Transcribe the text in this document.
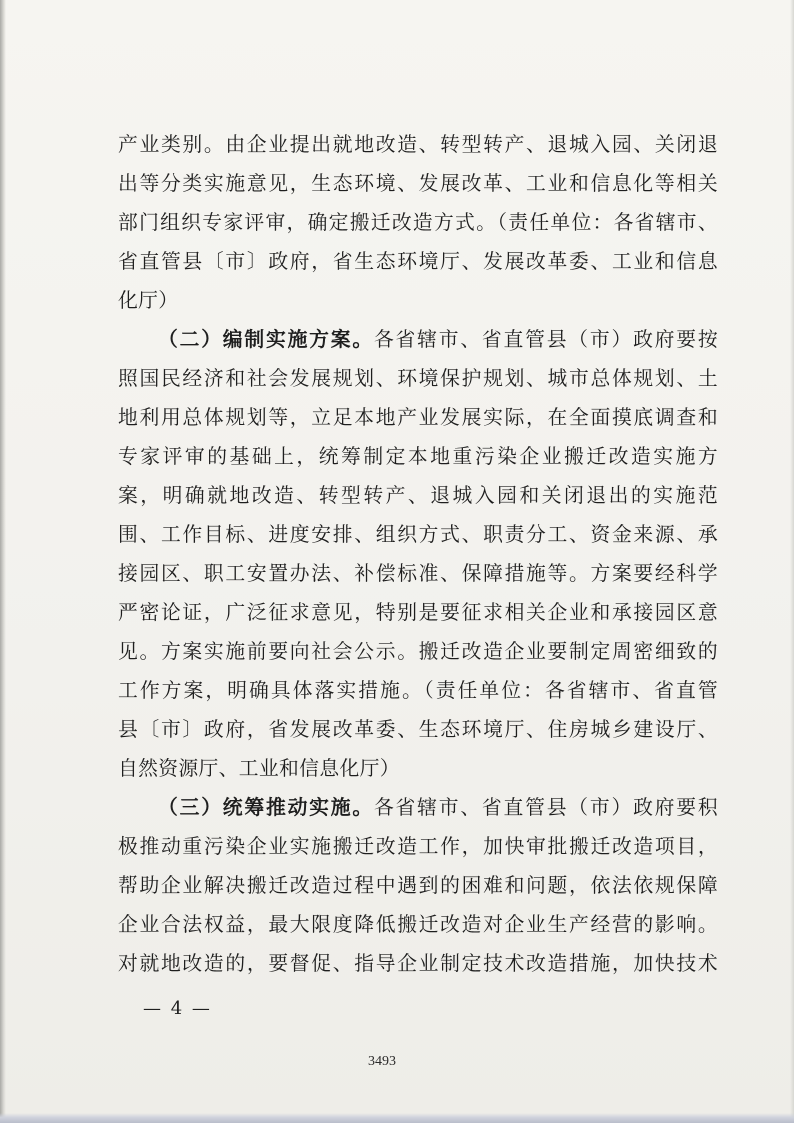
产业类别。由企业提出就地改造、转型转产、退城入园、关闭退
出等分类实施意见，生态环境、发展改革、工业和信息化等相关
部门组织专家评审，确定搬迁改造方式。（责任单位：各省辖市、
省直管县〔市〕政府，省生态环境厅、发展改革委、工业和信息
化厅）
（二）编制实施方案。各省辖市、省直管县（市）政府要按
照国民经济和社会发展规划、环境保护规划、城市总体规划、土
地利用总体规划等，立足本地产业发展实际，在全面摸底调查和
专家评审的基础上，统筹制定本地重污染企业搬迁改造实施方
案，明确就地改造、转型转产、退城入园和关闭退出的实施范
围、工作目标、进度安排、组织方式、职责分工、资金来源、承
接园区、职工安置办法、补偿标准、保障措施等。方案要经科学
严密论证，广泛征求意见，特别是要征求相关企业和承接园区意
见。方案实施前要向社会公示。搬迁改造企业要制定周密细致的
工作方案，明确具体落实措施。（责任单位：各省辖市、省直管
县〔市〕政府，省发展改革委、生态环境厅、住房城乡建设厅、
自然资源厅、工业和信息化厅）
（三）统筹推动实施。各省辖市、省直管县（市）政府要积
极推动重污染企业实施搬迁改造工作，加快审批搬迁改造项目，
帮助企业解决搬迁改造过程中遇到的困难和问题，依法依规保障
企业合法权益，最大限度降低搬迁改造对企业生产经营的影响。
对就地改造的，要督促、指导企业制定技术改造措施，加快技术
— 4 —
3493
